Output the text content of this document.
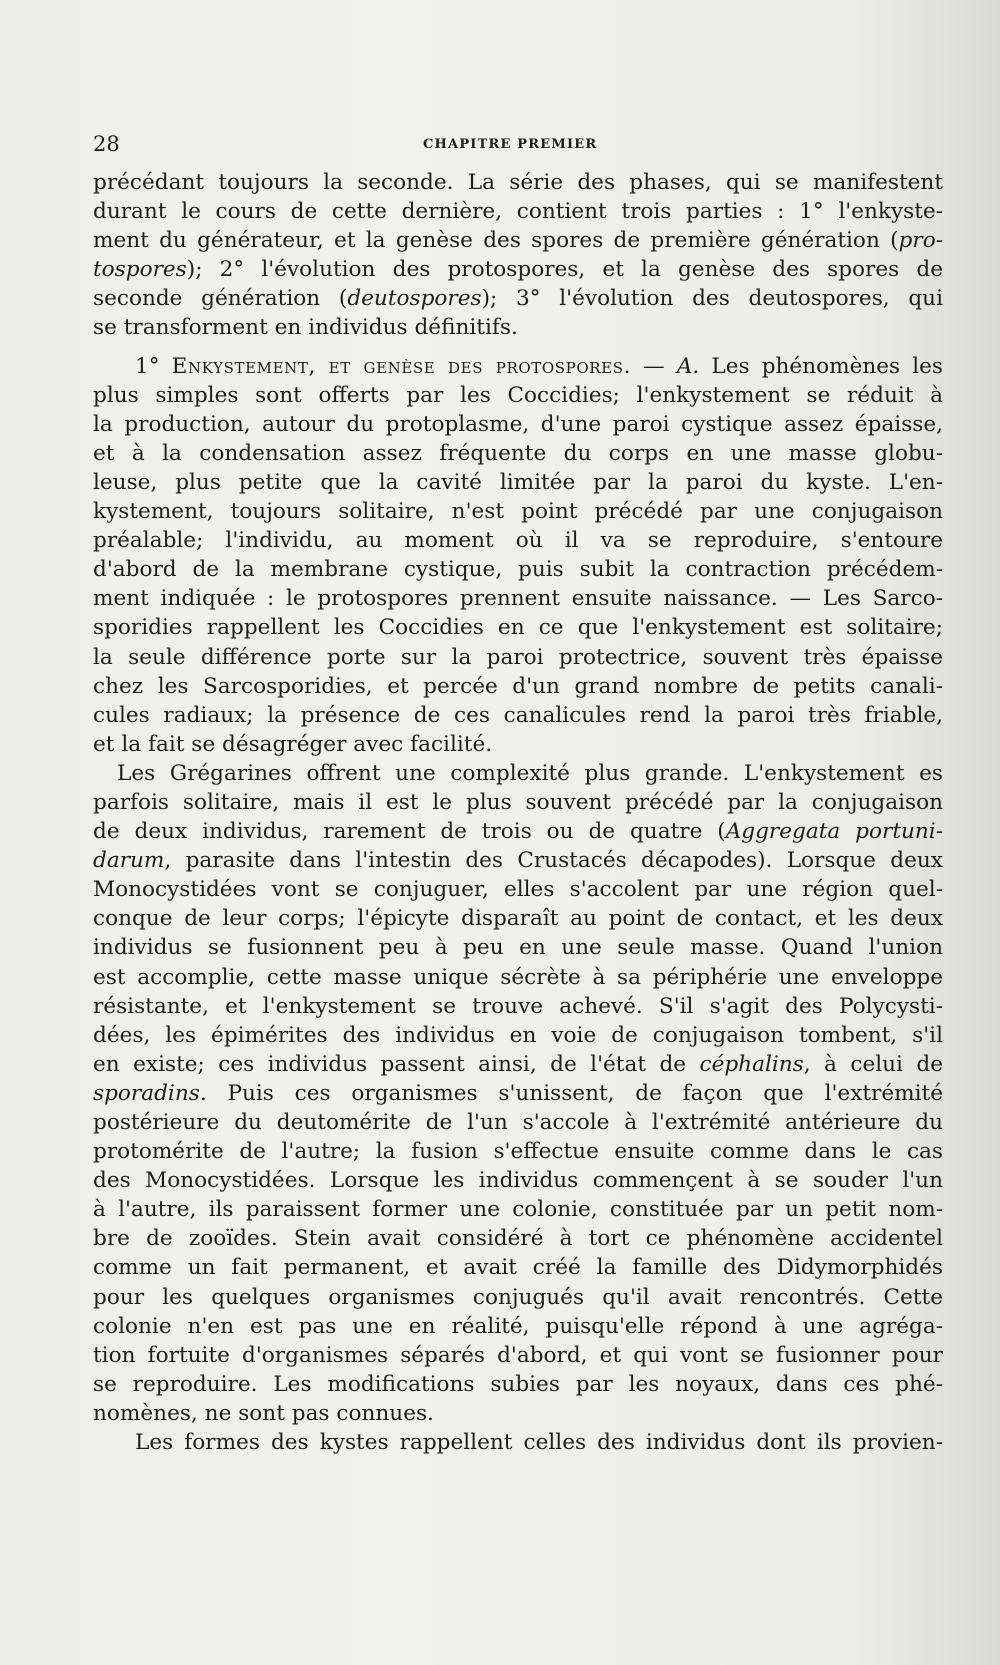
28	CHAPITRE PREMIER
précédant toujours la seconde. La série des phases, qui se manifestent
durant le cours de cette dernière, contient trois parties : 1° l'enkyste-
ment du générateur, et la genèse des spores de première génération (pro-
tospores); 2° l'évolution des protospores, et la genèse des spores de
seconde génération (deutospores); 3° l'évolution des deutospores, qui
se transforment en individus définitifs.
1° Enkystement, et genèse des protospores. — A. Les phénomènes les
plus simples sont offerts par les Coccidies; l'enkystement se réduit à
la production, autour du protoplasme, d'une paroi cystique assez épaisse,
et à la condensation assez fréquente du corps en une masse globu-
leuse, plus petite que la cavité limitée par la paroi du kyste. L'en-
kystement, toujours solitaire, n'est point précédé par une conjugaison
préalable; l'individu, au moment où il va se reproduire, s'entoure
d'abord de la membrane cystique, puis subit la contraction précédem-
ment indiquée : le protospores prennent ensuite naissance. — Les Sarco-
sporidies rappellent les Coccidies en ce que l'enkystement est solitaire;
la seule différence porte sur la paroi protectrice, souvent très épaisse
chez les Sarcosporidies, et percée d'un grand nombre de petits canali-
cules radiaux; la présence de ces canalicules rend la paroi très friable,
et la fait se désagréger avec facilité.
Les Grégarines offrent une complexité plus grande. L'enkystement es
parfois solitaire, mais il est le plus souvent précédé par la conjugaison
de deux individus, rarement de trois ou de quatre (Aggregata portuni-
darum, parasite dans l'intestin des Crustacés décapodes). Lorsque deux
Monocystidées vont se conjuguer, elles s'accolent par une région quel-
conque de leur corps; l'épicyte disparaît au point de contact, et les deux
individus se fusionnent peu à peu en une seule masse. Quand l'union
est accomplie, cette masse unique sécrète à sa périphérie une enveloppe
résistante, et l'enkystement se trouve achevé. S'il s'agit des Polycysti-
dées, les épimérites des individus en voie de conjugaison tombent, s'il
en existe; ces individus passent ainsi, de l'état de céphalins, à celui de
sporadins. Puis ces organismes s'unissent, de façon que l'extrémité
postérieure du deutomérite de l'un s'accole à l'extrémité antérieure du
protomérite de l'autre; la fusion s'effectue ensuite comme dans le cas
des Monocystidées. Lorsque les individus commençent à se souder l'un
à l'autre, ils paraissent former une colonie, constituée par un petit nom-
bre de zooïdes. Stein avait considéré à tort ce phénomène accidentel
comme un fait permanent, et avait créé la famille des Didymorphidés
pour les quelques organismes conjugués qu'il avait rencontrés. Cette
colonie n'en est pas une en réalité, puisqu'elle répond à une agréga-
tion fortuite d'organismes séparés d'abord, et qui vont se fusionner pour
se reproduire. Les modifications subies par les noyaux, dans ces phé-
nomènes, ne sont pas connues.
Les formes des kystes rappellent celles des individus dont ils provien-
